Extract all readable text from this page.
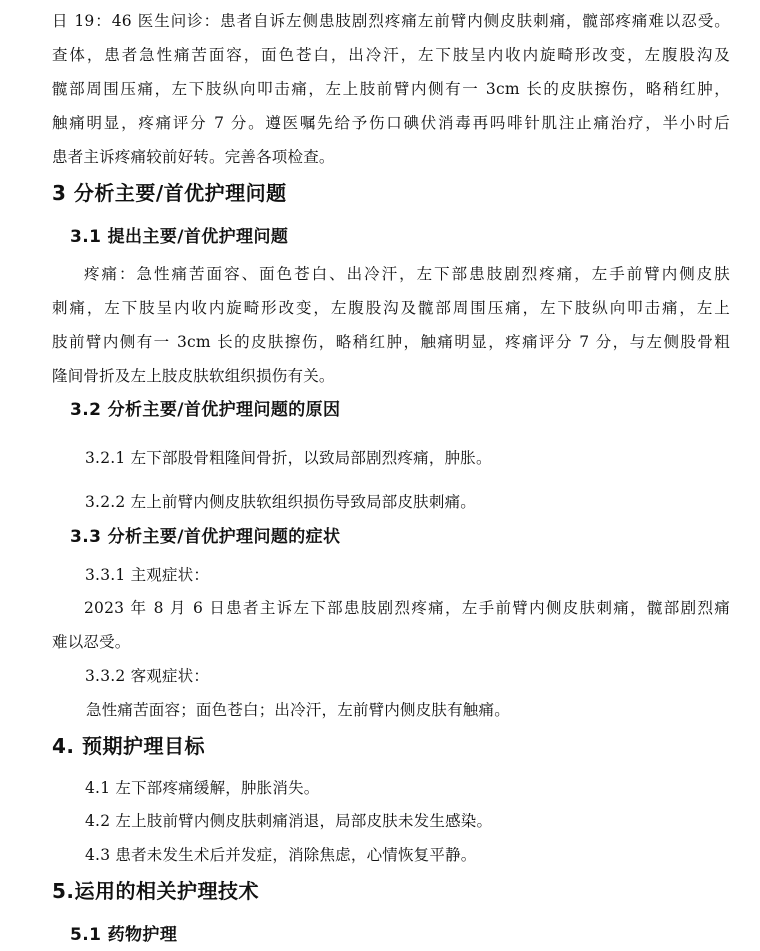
日 19：46 医生问诊：患者自诉左侧患肢剧烈疼痛左前臂内侧皮肤刺痛，髋部疼痛难以忍受。
查体，患者急性痛苦面容，面色苍白，出冷汗，左下肢呈内收内旋畸形改变，左腹股沟及
髋部周围压痛，左下肢纵向叩击痛，左上肢前臂内侧有一 3cm 长的皮肤擦伤，略稍红肿，
触痛明显，疼痛评分 7 分。遵医嘱先给予伤口碘伏消毒再吗啡针肌注止痛治疗，半小时后
患者主诉疼痛较前好转。完善各项检查。
3 分析主要/首优护理问题
3.1 提出主要/首优护理问题
疼痛：急性痛苦面容、面色苍白、出冷汗，左下部患肢剧烈疼痛，左手前臂内侧皮肤
刺痛，左下肢呈内收内旋畸形改变，左腹股沟及髋部周围压痛，左下肢纵向叩击痛，左上
肢前臂内侧有一 3cm 长的皮肤擦伤，略稍红肿，触痛明显，疼痛评分 7 分，与左侧股骨粗
隆间骨折及左上肢皮肤软组织损伤有关。
3.2 分析主要/首优护理问题的原因
3.2.1 左下部股骨粗隆间骨折，以致局部剧烈疼痛，肿胀。
3.2.2 左上前臂内侧皮肤软组织损伤导致局部皮肤刺痛。
3.3 分析主要/首优护理问题的症状
3.3.1 主观症状：
2023 年 8 月 6 日患者主诉左下部患肢剧烈疼痛，左手前臂内侧皮肤刺痛，髋部剧烈痛
难以忍受。
3.3.2 客观症状：
急性痛苦面容；面色苍白；出冷汗，左前臂内侧皮肤有触痛。
4. 预期护理目标
4.1 左下部疼痛缓解，肿胀消失。
4.2 左上肢前臂内侧皮肤刺痛消退，局部皮肤未发生感染。
4.3 患者未发生术后并发症，消除焦虑，心情恢复平静。
5.运用的相关护理技术
5.1 药物护理
